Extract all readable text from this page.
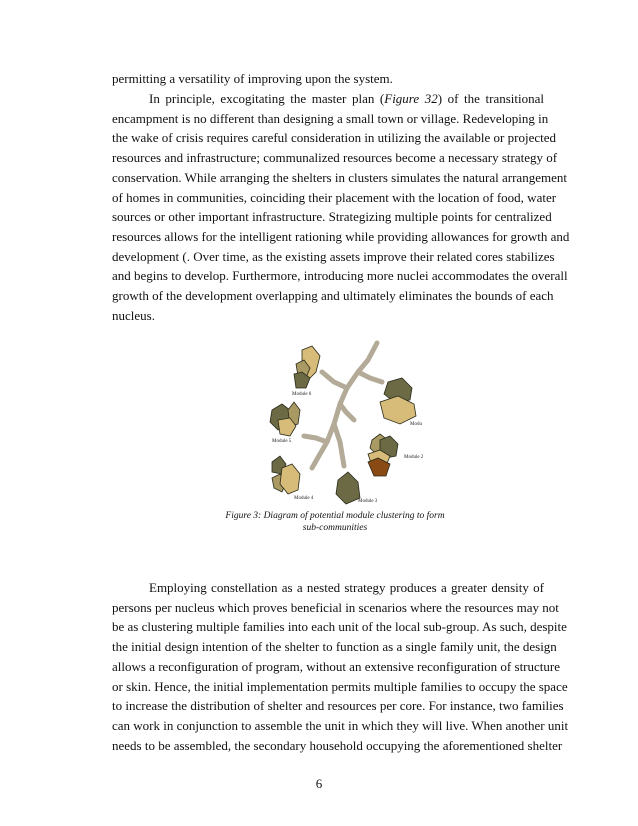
permitting a versatility of improving upon the system.

In principle, excogitating the master plan (Figure 32) of the transitional
encampment is no different than designing a small town or village. Redeveloping in
the wake of crisis requires careful consideration in utilizing the available or projected
resources and infrastructure; communalized resources become a necessary strategy of
conservation. While arranging the shelters in clusters simulates the natural arrangement
of homes in communities, coinciding their placement with the location of food, water
sources or other important infrastructure. Strategizing multiple points for centralized
resources allows for the intelligent rationing while providing allowances for growth and
development (. Over time, as the existing assets improve their related cores stabilizes
and begins to develop. Furthermore, introducing more nuclei accommodates the overall
growth of the development overlapping and ultimately eliminates the bounds of each
nucleus.

Module 6
Modu
Module 5
Module 2
Module 4
Module 3
Figure 3: Diagram of potential module clustering to form
sub-communities

Employing constellation as a nested strategy produces a greater density of
persons per nucleus which proves beneficial in scenarios where the resources may not
be as clustering multiple families into each unit of the local sub-group. As such, despite
the initial design intention of the shelter to function as a single family unit, the design
allows a reconfiguration of program, without an extensive reconfiguration of structure
or skin. Hence, the initial implementation permits multiple families to occupy the space
to increase the distribution of shelter and resources per core. For instance, two families
can work in conjunction to assemble the unit in which they will live. When another unit
needs to be assembled, the secondary household occupying the aforementioned shelter

6
